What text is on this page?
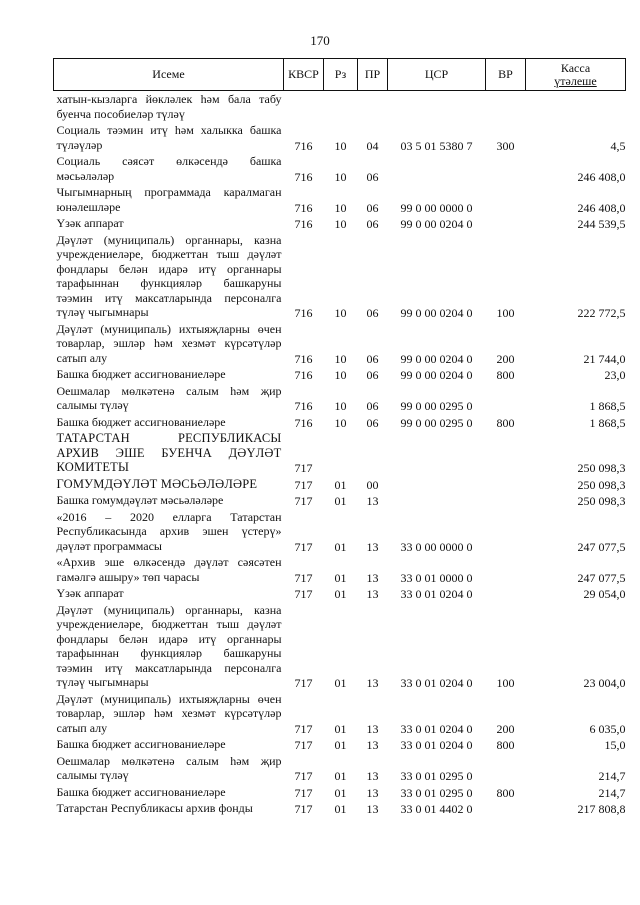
170
Исеме	КВСР	Рз	ПР	ЦСР	ВР	Касса
үтәлеше

хатын-кызларга йөкләлек һәм бала табу буенча пособиеләр түләү						
Социаль тәэмин итү һәм халыкка башка түләүләр	716	10	04	03 5 01 5380 7	300	4,5
Социаль сәясәт өлкәсендә башка мәсьәләләр	716	10	06			246 408,0
Чыгымнарның программада каралмаган юнәлешләре	716	10	06	99 0 00 0000 0		246 408,0
Үзәк аппарат	716	10	06	99 0 00 0204 0		244 539,5
Дәүләт (муниципаль) органнары, казна учреждениеләре, бюджеттан тыш дәүләт фондлары белән идарә итү органнары тарафыннан функцияләр башкаруны тәэмин итү максатларында персоналга түләү чыгымнары	716	10	06	99 0 00 0204 0	100	222 772,5
Дәүләт (муниципаль) ихтыяҗларны өчен товарлар, эшләр һәм хезмәт күрсәтүләр сатып алу	716	10	06	99 0 00 0204 0	200	21 744,0
Башка бюджет ассигнованиеләре	716	10	06	99 0 00 0204 0	800	23,0
Оешмалар мөлкәтенә салым һәм җир салымы түләү	716	10	06	99 0 00 0295 0		1 868,5
Башка бюджет ассигнованиеләре	716	10	06	99 0 00 0295 0	800	1 868,5
ТАТАРСТАН РЕСПУБЛИКАСЫ АРХИВ ЭШЕ БУЕНЧА ДӘҮЛӘТ КОМИТЕТЫ	717					250 098,3
ГОМУМДӘҮЛӘТ МӘСЬӘЛӘЛӘРЕ	717	01	00			250 098,3
Башка гомумдәүләт мәсьәләләре	717	01	13			250 098,3
«2016 – 2020 елларга Татарстан Республикасында архив эшен үстерү» дәүләт программасы	717	01	13	33 0 00 0000 0		247 077,5
«Архив эше өлкәсендә дәүләт сәясәтен гамәлгә ашыру» төп чарасы	717	01	13	33 0 01 0000 0		247 077,5
Үзәк аппарат	717	01	13	33 0 01 0204 0		29 054,0
Дәүләт (муниципаль) органнары, казна учреждениеләре, бюджеттан тыш дәүләт фондлары белән идарә итү органнары тарафыннан функцияләр башкаруны тәэмин итү максатларында персоналга түләү чыгымнары	717	01	13	33 0 01 0204 0	100	23 004,0
Дәүләт (муниципаль) ихтыяҗларны өчен товарлар, эшләр һәм хезмәт күрсәтүләр сатып алу	717	01	13	33 0 01 0204 0	200	6 035,0
Башка бюджет ассигнованиеләре	717	01	13	33 0 01 0204 0	800	15,0
Оешмалар мөлкәтенә салым һәм җир салымы түләү	717	01	13	33 0 01 0295 0		214,7
Башка бюджет ассигнованиеләре	717	01	13	33 0 01 0295 0	800	214,7
Татарстан Республикасы архив фонды	717	01	13	33 0 01 4402 0		217 808,8
